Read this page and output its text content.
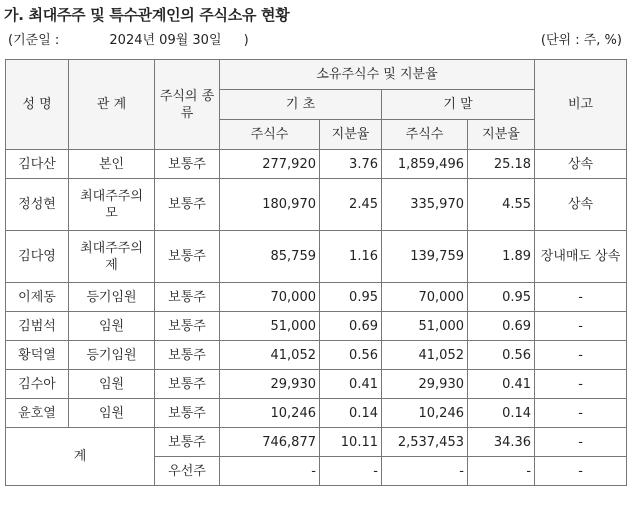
가. 최대주주 및 특수관계인의 주식소유 현황
(기준일 :	2024년 09월 30일 )	(단위 : 주, %)
성 명	관 계	주식의 종류	소유주식수 및 지분율				비고
			기 초		기 말		
			주식수	지분율	주식수	지분율	
김다산	본인	보통주	277,920	3.76	1,859,496	25.18	상속
정성현	최대주주의 모	보통주	180,970	2.45	335,970	4.55	상속
김다영	최대주주의 제	보통주	85,759	1.16	139,759	1.89	장내매도 상속
이제동	등기임원	보통주	70,000	0.95	70,000	0.95	-
김범석	임원	보통주	51,000	0.69	51,000	0.69	-
황덕열	등기임원	보통주	41,052	0.56	41,052	0.56	-
김수아	임원	보통주	29,930	0.41	29,930	0.41	-
윤호열	임원	보통주	10,246	0.14	10,246	0.14	-
계		보통주	746,877	10.11	2,537,453	34.36	-
		우선주	-	-	-	-	-
